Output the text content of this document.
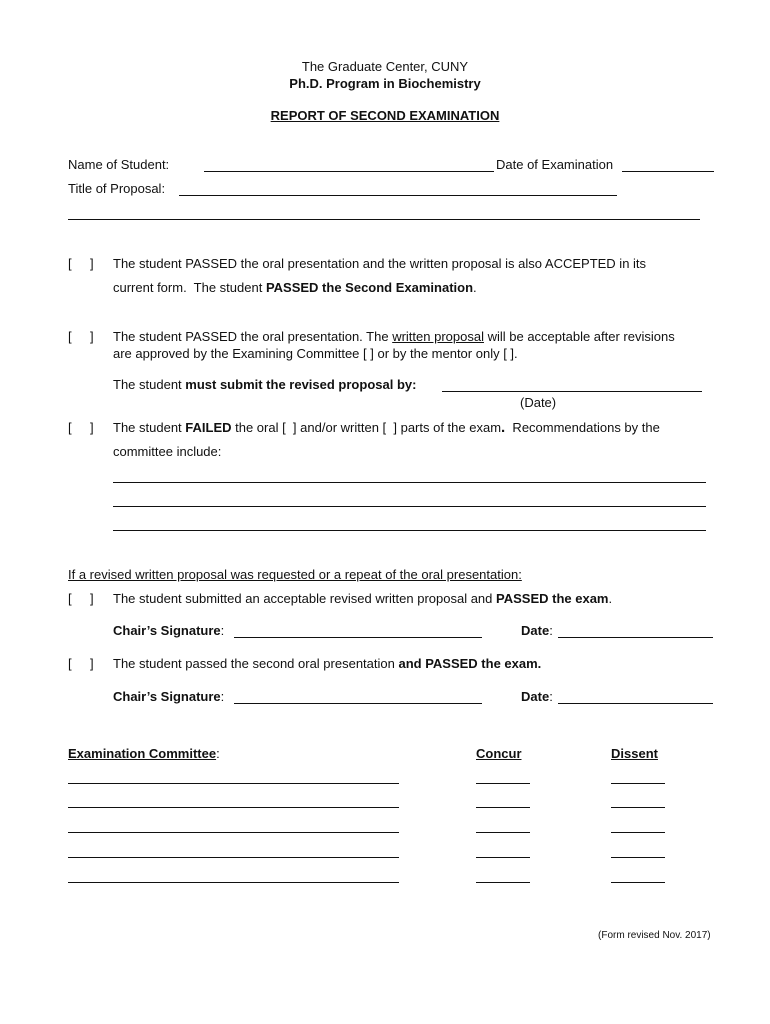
The Graduate Center, CUNY
Ph.D. Program in Biochemistry
REPORT OF SECOND EXAMINATION
Name of Student:	Date of Examination
Title of Proposal:
[ ] The student PASSED the oral presentation and the written proposal is also ACCEPTED in its
current form.  The student PASSED the Second Examination.
[ ] The student PASSED the oral presentation. The written proposal will be acceptable after revisions
are approved by the Examining Committee [ ] or by the mentor only [ ].
The student must submit the revised proposal by:
(Date)
[ ] The student FAILED the oral [  ] and/or written [  ] parts of the exam.  Recommendations by the
committee include:
If a revised written proposal was requested or a repeat of the oral presentation:
[ ] The student submitted an acceptable revised written proposal and PASSED the exam.
Chair’s Signature:	Date:
[ ] The student passed the second oral presentation and PASSED the exam.
Chair’s Signature:	Date:
Examination Committee:	Concur	Dissent
(Form revised Nov. 2017)
